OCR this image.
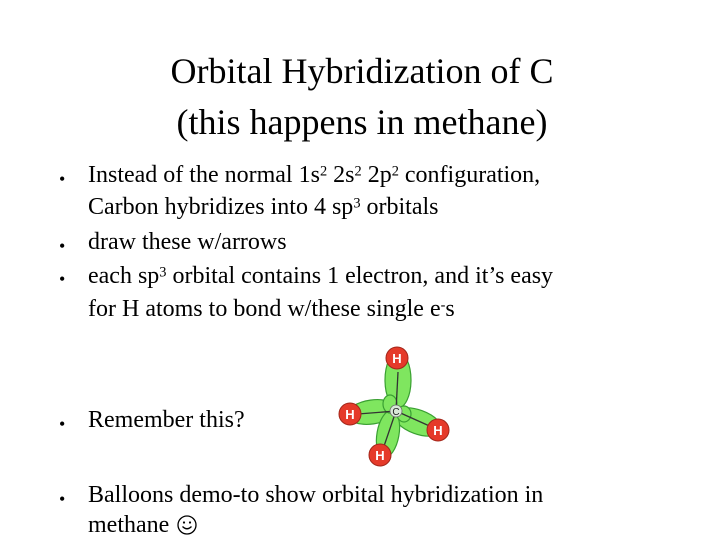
Orbital Hybridization of C
(this happens in methane)
• Instead of the normal $1s^2$ $2s^2$ $2p^2$ configuration,
Carbon hybridizes into 4 $sp^3$ orbitals
• draw these w/arrows
• each $sp^3$ orbital contains 1 electron, and it’s easy
for H atoms to bond w/these single e-s
• Remember this?	C
H
H
H
H
• Balloons demo-to show orbital hybridization in
methane
